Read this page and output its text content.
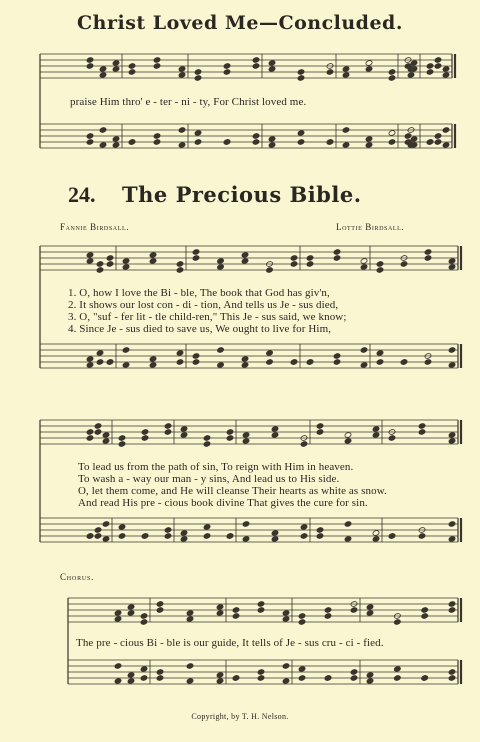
Christ Loved Me—Concluded.
praise Him thro' e - ter - ni - ty, For Christ loved me.
24. The Precious Bible.
Fannie Birdsall.	Lottie Birdsall.
1. O, how I love the Bi - ble, The book that God has giv'n,
2. It shows our lost con - di - tion, And tells us Je - sus died,
3. O, "suf - fer lit - tle child-ren," This Je - sus said, we know;
4. Since Je - sus died to save us, We ought to live for Him,
To lead us from the path of sin, To reign with Him in heaven.
To wash a - way our man - y sins, And lead us to His side.
O, let them come, and He will cleanse Their hearts as white as snow.
And read His pre - cious book divine That gives the cure for sin.
Chorus.
The pre - cious Bi - ble is our guide, It tells of Je - sus cru - ci - fied.
Copyright, by T. H. Nelson.
